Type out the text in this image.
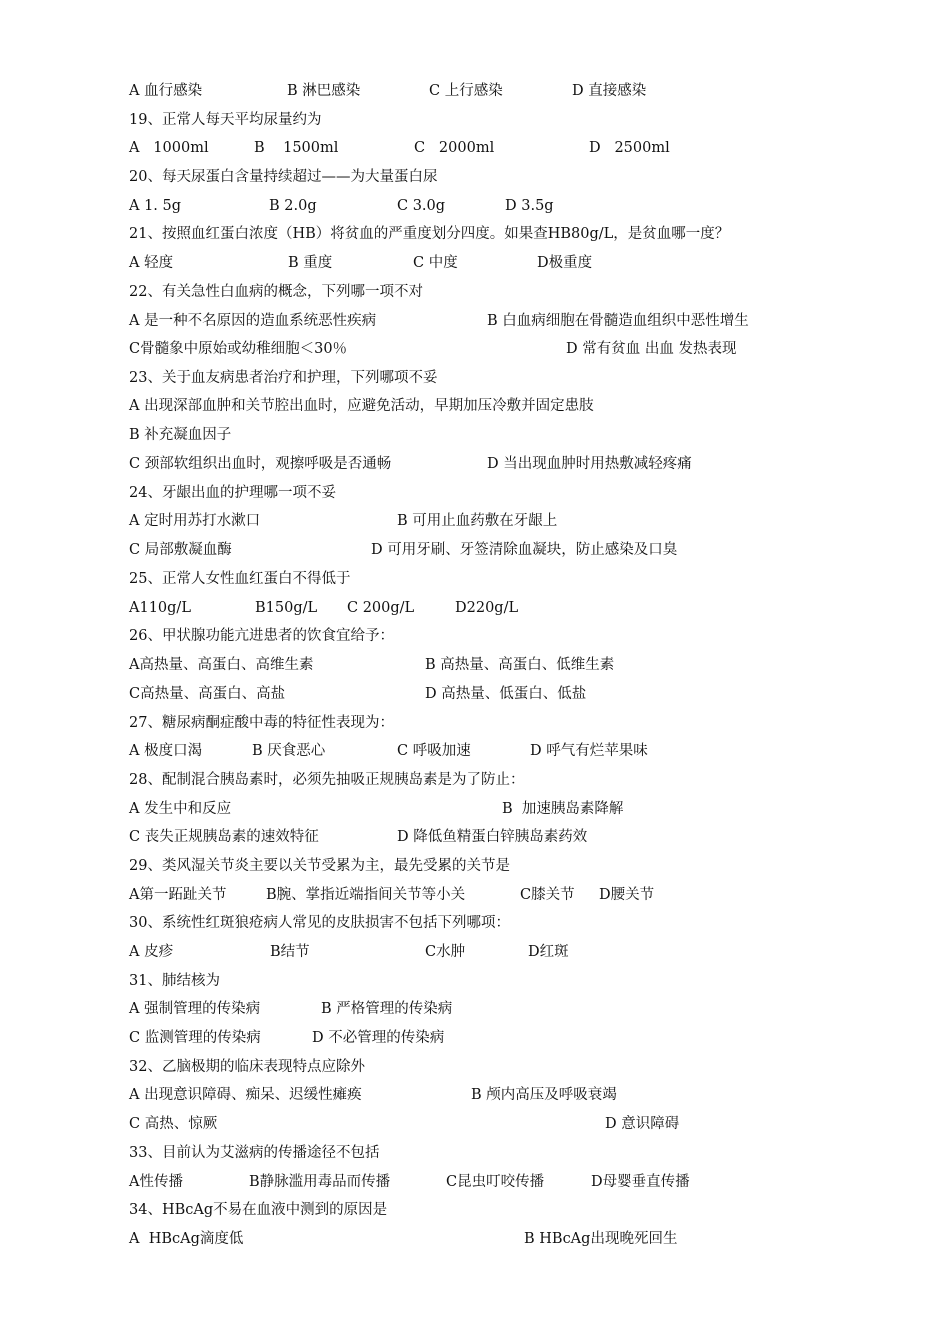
A 血行感染	B 淋巴感染	C 上行感染	D 直接感染
19、正常人每天平均尿量约为
A   1000ml	B    1500ml	C   2000ml	D   2500ml
20、每天尿蛋白含量持续超过——为大量蛋白尿
A 1. 5g	B 2.0g	C 3.0g	D 3.5g
21、按照血红蛋白浓度（HB）将贫血的严重度划分四度。如果查HB80g/L，是贫血哪一度？
A 轻度	B 重度	C 中度	D极重度
22、有关急性白血病的概念，下列哪一项不对
A 是一种不名原因的造血系统恶性疾病	B 白血病细胞在骨髓造血组织中恶性增生
C骨髓象中原始或幼稚细胞＜30％	D 常有贫血 出血 发热表现
23、关于血友病患者治疗和护理，下列哪项不妥
A 出现深部血肿和关节腔出血时，应避免活动，早期加压冷敷并固定患肢
B 补充凝血因子
C 颈部软组织出血时，观擦呼吸是否通畅	D 当出现血肿时用热敷减轻疼痛
24、牙龈出血的护理哪一项不妥
A 定时用苏打水漱口	B 可用止血药敷在牙龈上
C 局部敷凝血酶	D 可用牙刷、牙签清除血凝块，防止感染及口臭
25、正常人女性血红蛋白不得低于
A110g/L	B150g/L C 200g/L	D220g/L
26、甲状腺功能亢进患者的饮食宜给予：
A高热量、高蛋白、高维生素	B 高热量、高蛋白、低维生素
C高热量、高蛋白、高盐	D 高热量、低蛋白、低盐
27、糖尿病酮症酸中毒的特征性表现为：
A 极度口渴	B 厌食恶心	C 呼吸加速	D 呼气有烂苹果味
28、配制混合胰岛素时，必须先抽吸正规胰岛素是为了防止：
A 发生中和反应	B  加速胰岛素降解
C 丧失正规胰岛素的速效特征	D 降低鱼精蛋白锌胰岛素药效
29、类风湿关节炎主要以关节受累为主，最先受累的关节是
A第一跖趾关节	B腕、掌指近端指间关节等小关	C膝关节 D腰关节
30、系统性红斑狼疮病人常见的皮肤损害不包括下列哪项：
A 皮疹	B结节	C水肿	D红斑
31、肺结核为
A 强制管理的传染病	B 严格管理的传染病
C 监测管理的传染病	D 不必管理的传染病
32、乙脑极期的临床表现特点应除外
A 出现意识障碍、痴呆、迟缓性瘫痪	B 颅内高压及呼吸衰竭
C 高热、惊厥	D 意识障碍
33、目前认为艾滋病的传播途径不包括
A性传播	B静脉滥用毒品而传播	C昆虫叮咬传播	D母婴垂直传播
34、HBcAg不易在血液中测到的原因是
A  HBcAg滴度低	B HBcAg出现晚死回生
